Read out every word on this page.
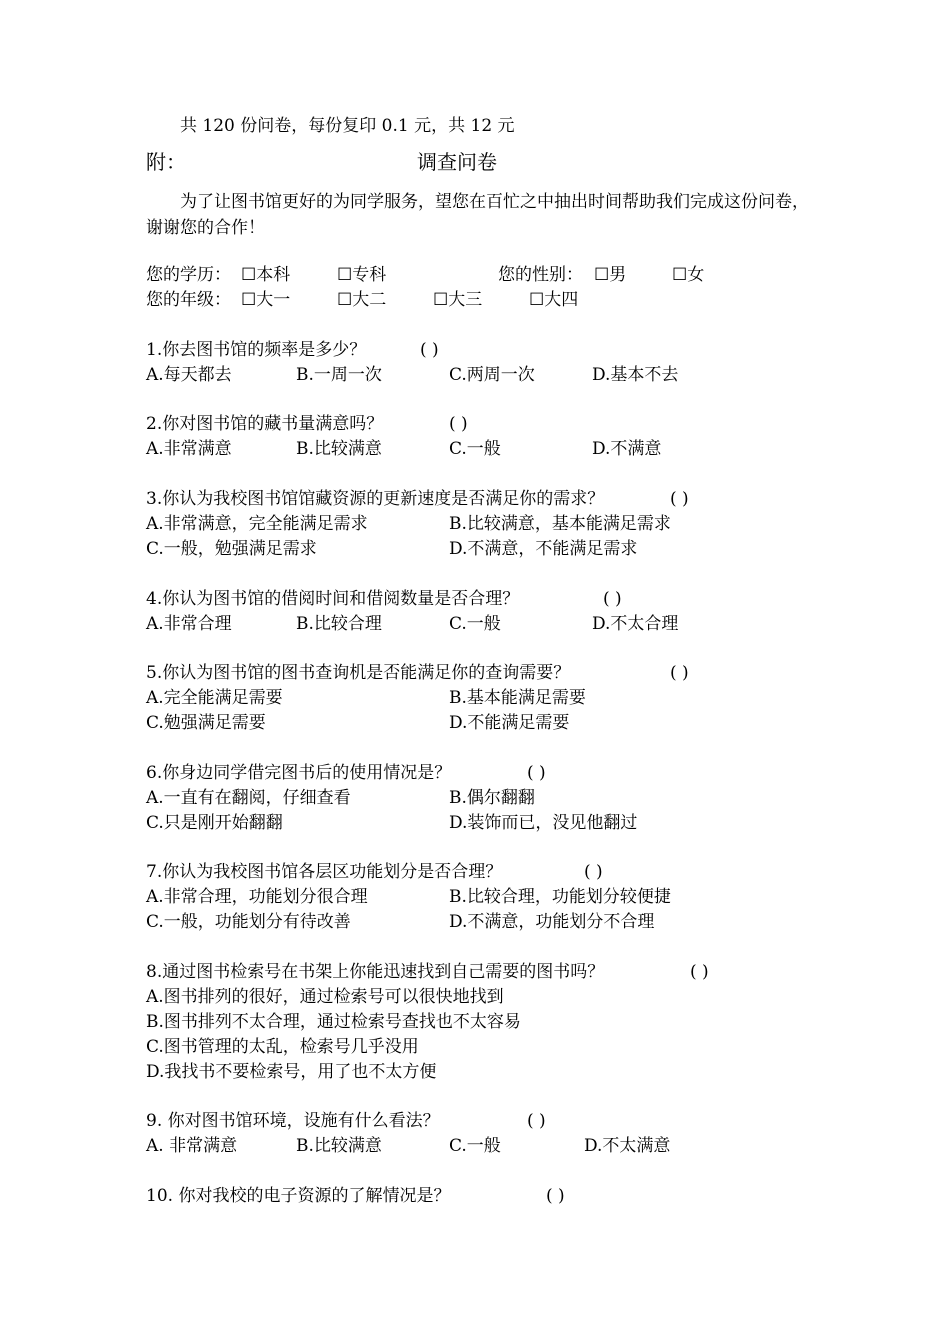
共 120 份问卷，每份复印 0.1 元，共 12 元
附：	调查问卷
为了让图书馆更好的为同学服务，望您在百忙之中抽出时间帮助我们完成这份问卷，谢谢您的合作！
您的学历： ☐本科	☐专科	您的性别： ☐男	☐女
您的年级： ☐大一	☐大二	☐大三	☐大四
1.你去图书馆的频率是多少？	( )
A.每天都去	B.一周一次	C.两周一次	D.基本不去
2.你对图书馆的藏书量满意吗？	( )
A.非常满意	B.比较满意	C.一般	D.不满意
3.你认为我校图书馆馆藏资源的更新速度是否满足你的需求？	( )
A.非常满意，完全能满足需求	B.比较满意，基本能满足需求
C.一般，勉强满足需求	D.不满意，不能满足需求
4.你认为图书馆的借阅时间和借阅数量是否合理？	( )
A.非常合理	B.比较合理	C.一般	D.不太合理
5.你认为图书馆的图书查询机是否能满足你的查询需要？	( )
A.完全能满足需要	B.基本能满足需要
C.勉强满足需要	D.不能满足需要
6.你身边同学借完图书后的使用情况是？	( )
A.一直有在翻阅，仔细查看	B.偶尔翻翻
C.只是刚开始翻翻	D.装饰而已，没见他翻过
7.你认为我校图书馆各层区功能划分是否合理？	( )
A.非常合理，功能划分很合理	B.比较合理，功能划分较便捷
C.一般，功能划分有待改善	D.不满意，功能划分不合理
8.通过图书检索号在书架上你能迅速找到自己需要的图书吗？	( )
A.图书排列的很好，通过检索号可以很快地找到
B.图书排列不太合理，通过检索号查找也不太容易
C.图书管理的太乱，检索号几乎没用
D.我找书不要检索号，用了也不太方便
9. 你对图书馆环境，设施有什么看法？	( )
A. 非常满意	B.比较满意	C.一般	D.不太满意
10. 你对我校的电子资源的了解情况是？	( )
